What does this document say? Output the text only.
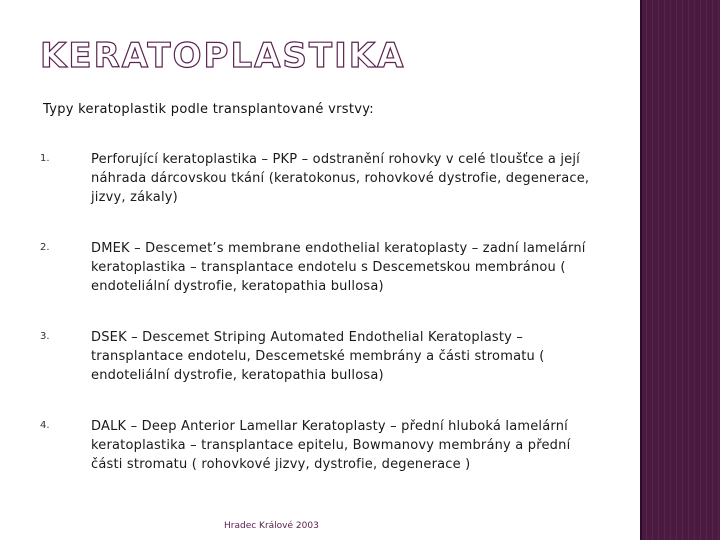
KERATOPLASTIKA
Typy keratoplastik podle transplantované vrstvy:
1.	Perforující keratoplastika – PKP – odstranění rohovky v celé tloušťce a její náhrada dárcovskou tkání (keratokonus, rohovkové dystrofie, degenerace, jizvy, zákaly)
2.	DMEK – Descemet’s membrane endothelial keratoplasty – zadní lamelární keratoplastika – transplantace endotelu s Descemetskou membránou ( endoteliální dystrofie, keratopathia bullosa)
3.	DSEK – Descemet Striping Automated Endothelial Keratoplasty – transplantace endotelu, Descemetské membrány a části stromatu ( endoteliální dystrofie, keratopathia bullosa)
4.	DALK – Deep Anterior Lamellar Keratoplasty – přední hluboká lamelární keratoplastika – transplantace epitelu, Bowmanovy membrány a přední části stromatu ( rohovkové jizvy, dystrofie, degenerace )
Hradec Králové 2003
